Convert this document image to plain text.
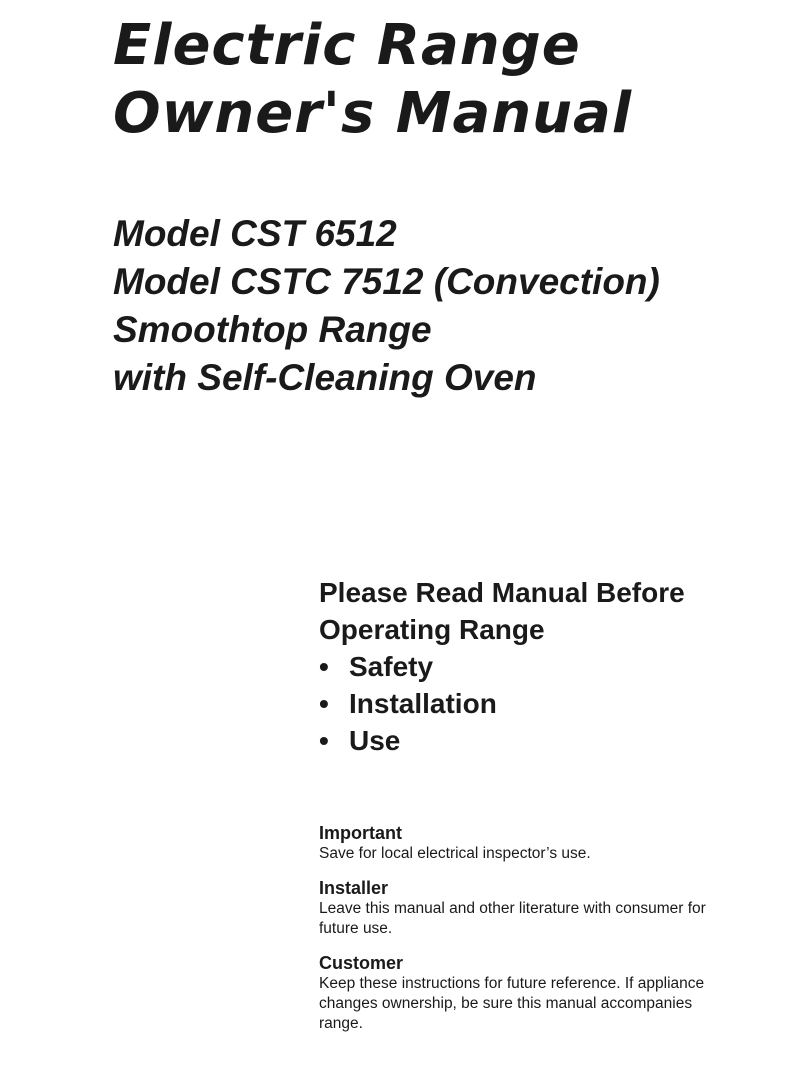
Electric Range
Owner's Manual
Model CST 6512
Model CSTC 7512 (Convection)
Smoothtop Range
with Self-Cleaning Oven
Please Read Manual Before
Operating Range
• Safety
• Installation
• Use
Important
Save for local electrical inspector’s use.
Installer
Leave this manual and other literature with consumer for future use.
Customer
Keep these instructions for future reference. If appliance changes ownership, be sure this manual accompanies range.
